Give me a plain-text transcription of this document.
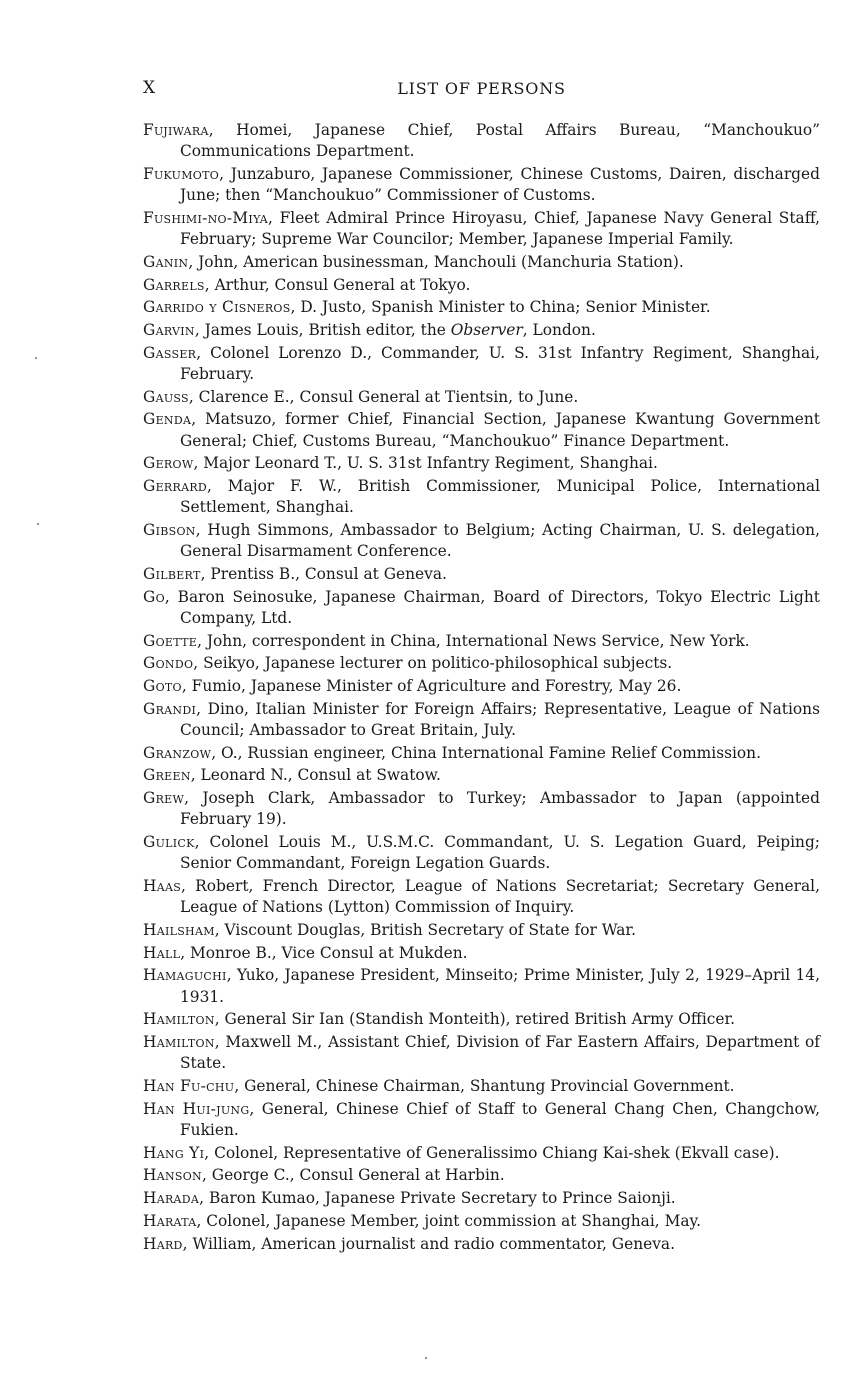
X	LIST OF PERSONS

Fujiwara, Homei, Japanese Chief, Postal Affairs Bureau, “Manchoukuo” Communications Department.

Fukumoto, Junzaburo, Japanese Commissioner, Chinese Customs, Dairen, discharged June; then “Manchoukuo” Commissioner of Customs.

Fushimi-no-Miya, Fleet Admiral Prince Hiroyasu, Chief, Japanese Navy General Staff, February; Supreme War Councilor; Member, Japanese Imperial Family.

Ganin, John, American businessman, Manchouli (Manchuria Station).

Garrels, Arthur, Consul General at Tokyo.

Garrido y Cisneros, D. Justo, Spanish Minister to China; Senior Minister.

Garvin, James Louis, British editor, the Observer, London.

Gasser, Colonel Lorenzo D., Commander, U. S. 31st Infantry Regiment, Shanghai, February.

Gauss, Clarence E., Consul General at Tientsin, to June.

Genda, Matsuzo, former Chief, Financial Section, Japanese Kwantung Government General; Chief, Customs Bureau, “Manchoukuo” Finance Department.

Gerow, Major Leonard T., U. S. 31st Infantry Regiment, Shanghai.

Gerrard, Major F. W., British Commissioner, Municipal Police, International Settlement, Shanghai.

Gibson, Hugh Simmons, Ambassador to Belgium; Acting Chairman, U. S. delegation, General Disarmament Conference.

Gilbert, Prentiss B., Consul at Geneva.

Go, Baron Seinosuke, Japanese Chairman, Board of Directors, Tokyo Electric Light Company, Ltd.

Goette, John, correspondent in China, International News Service, New York.

Gondo, Seikyo, Japanese lecturer on politico-philosophical subjects.

Goto, Fumio, Japanese Minister of Agriculture and Forestry, May 26.

Grandi, Dino, Italian Minister for Foreign Affairs; Representative, League of Nations Council; Ambassador to Great Britain, July.

Granzow, O., Russian engineer, China International Famine Relief Commission.

Green, Leonard N., Consul at Swatow.

Grew, Joseph Clark, Ambassador to Turkey; Ambassador to Japan (appointed February 19).

Gulick, Colonel Louis M., U.S.M.C. Commandant, U. S. Legation Guard, Peiping; Senior Commandant, Foreign Legation Guards.

Haas, Robert, French Director, League of Nations Secretariat; Secretary General, League of Nations (Lytton) Commission of Inquiry.

Hailsham, Viscount Douglas, British Secretary of State for War.

Hall, Monroe B., Vice Consul at Mukden.

Hamaguchi, Yuko, Japanese President, Minseito; Prime Minister, July 2, 1929–April 14, 1931.

Hamilton, General Sir Ian (Standish Monteith), retired British Army Officer.

Hamilton, Maxwell M., Assistant Chief, Division of Far Eastern Affairs, Department of State.

Han Fu-chu, General, Chinese Chairman, Shantung Provincial Government.

Han Hui-jung, General, Chinese Chief of Staff to General Chang Chen, Changchow, Fukien.

Hang Yi, Colonel, Representative of Generalissimo Chiang Kai-shek (Ekvall case).

Hanson, George C., Consul General at Harbin.

Harada, Baron Kumao, Japanese Private Secretary to Prince Saionji.

Harata, Colonel, Japanese Member, joint commission at Shanghai, May.

Hard, William, American journalist and radio commentator, Geneva.
